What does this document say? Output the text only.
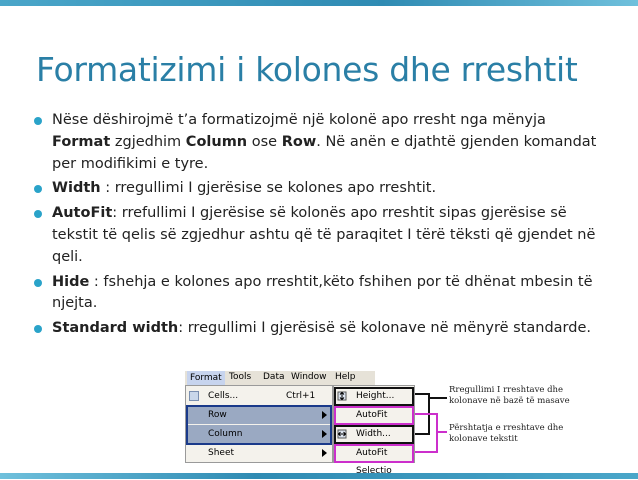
Formatizimi i kolones dhe rreshtit
Nëse dëshirojmë t’a formatizojmë një kolonë apo rresht nga mënyja Format zgjedhim Column ose Row. Në anën e djathtë gjenden komandat per modifikimi e tyre.
Width : rregullimi I gjerësise se kolones apo rreshtit.
AutoFit: rrefullimi I gjerësise së kolonës apo rreshtit sipas gjerësise së tekstit të qelis së zgjedhur ashtu që të paraqitet I tërë tëksti që gjendet në qeli.
Hide : fshehja e kolones apo rreshtit,këto fshihen por të dhënat mbesin të njejta.
Standard width: rregullimi I gjerësisë së kolonave në mënyrë standarde.
Format Tools Data Window Help
Cells...	Ctrl+1
Row
Column
Sheet
Height...
AutoFit
Width...
AutoFit Selectio
Rregullimi I rreshtave dhe kolonave në bazë të masave
Përshtatja e rreshtave dhe kolonave tekstit
